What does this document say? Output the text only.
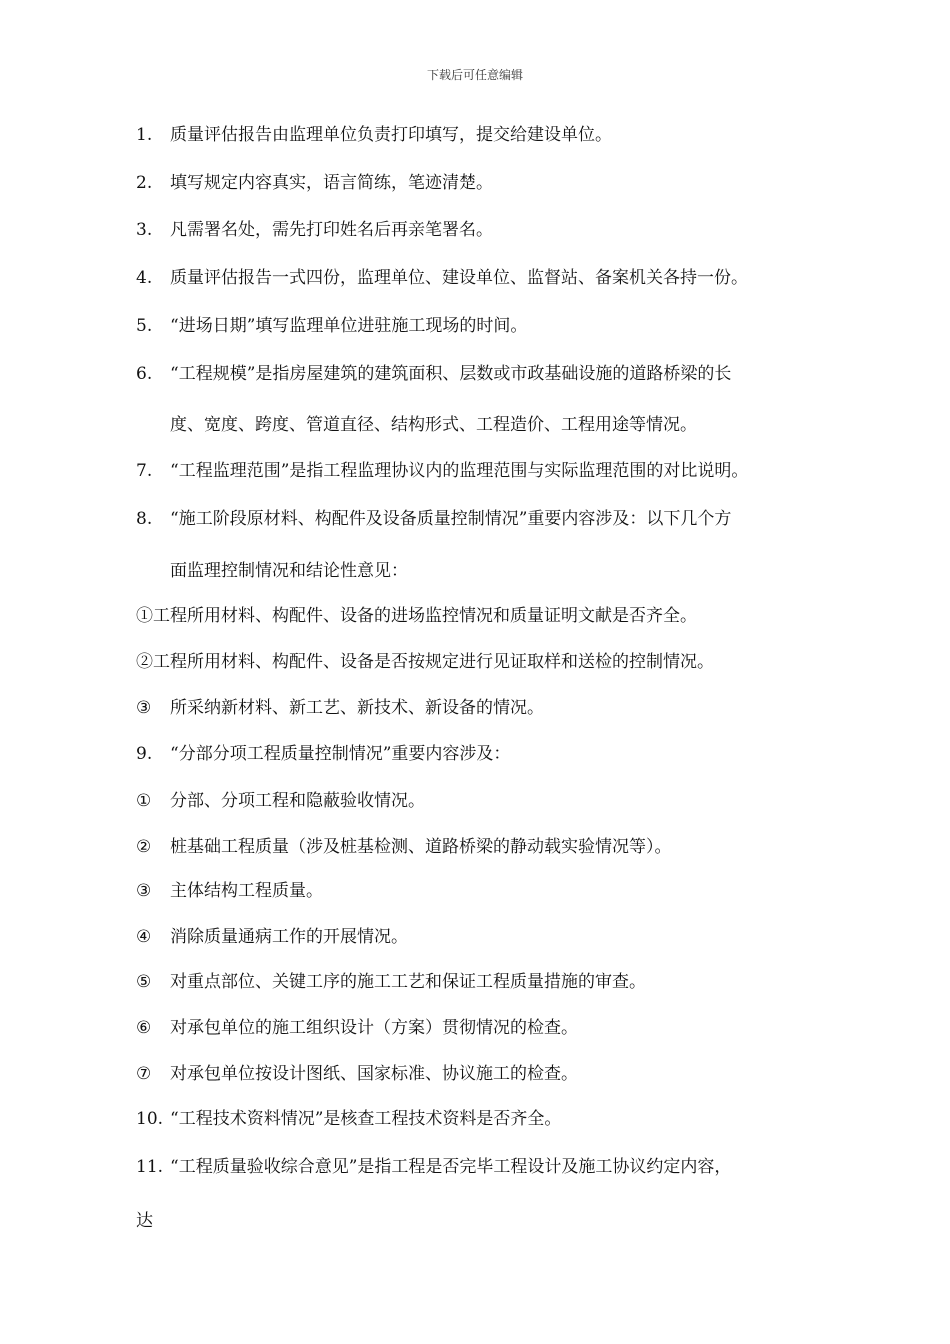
下载后可任意编辑
1. 质量评估报告由监理单位负责打印填写，提交给建设单位。
2. 填写规定内容真实，语言简练，笔迹清楚。
3. 凡需署名处，需先打印姓名后再亲笔署名。
4. 质量评估报告一式四份，监理单位、建设单位、监督站、备案机关各持一份。
5. “进场日期”填写监理单位进驻施工现场的时间。
6. “工程规模”是指房屋建筑的建筑面积、层数或市政基础设施的道路桥梁的长
度、宽度、跨度、管道直径、结构形式、工程造价、工程用途等情况。
7. “工程监理范围”是指工程监理协议内的监理范围与实际监理范围的对比说明。
8. “施工阶段原材料、构配件及设备质量控制情况”重要内容涉及：以下几个方
面监理控制情况和结论性意见：
①工程所用材料、构配件、设备的进场监控情况和质量证明文献是否齐全。
②工程所用材料、构配件、设备是否按规定进行见证取样和送检的控制情况。
③ 所采纳新材料、新工艺、新技术、新设备的情况。
9. “分部分项工程质量控制情况”重要内容涉及：
① 分部、分项工程和隐蔽验收情况。
② 桩基础工程质量（涉及桩基检测、道路桥梁的静动载实验情况等）。
③ 主体结构工程质量。
④ 消除质量通病工作的开展情况。
⑤ 对重点部位、关键工序的施工工艺和保证工程质量措施的审查。
⑥ 对承包单位的施工组织设计（方案）贯彻情况的检查。
⑦ 对承包单位按设计图纸、国家标准、协议施工的检查。
10. “工程技术资料情况”是核查工程技术资料是否齐全。
11. “工程质量验收综合意见”是指工程是否完毕工程设计及施工协议约定内容，
达
